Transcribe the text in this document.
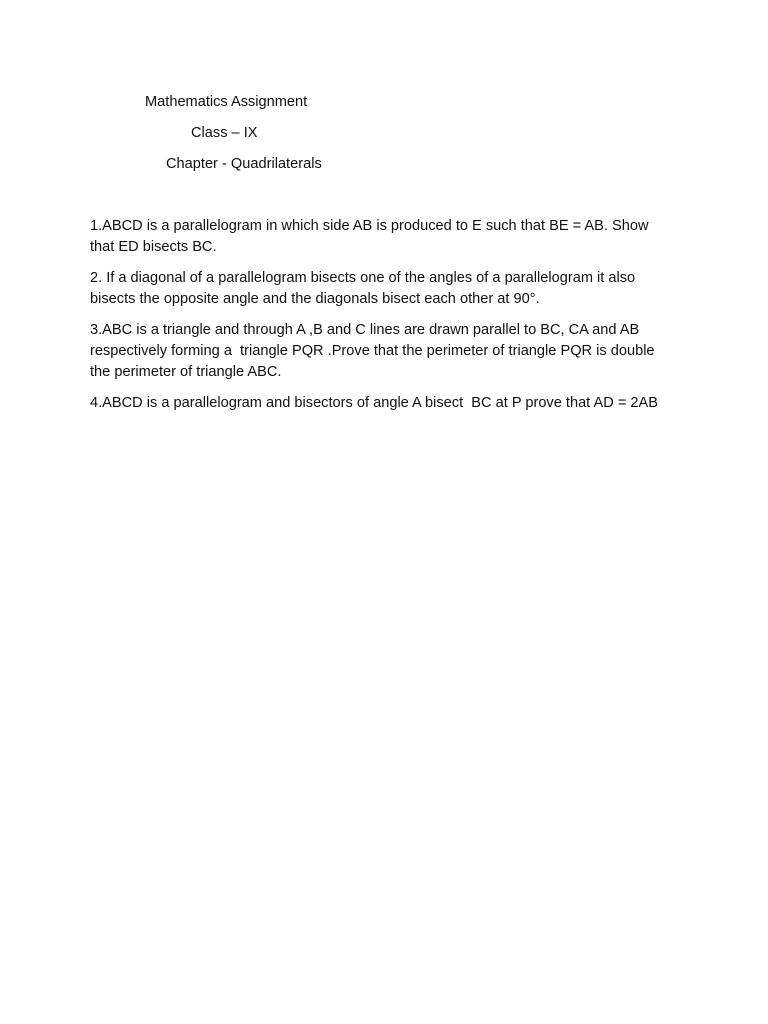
Mathematics Assignment
Class – IX
Chapter - Quadrilaterals
1.ABCD is a parallelogram in which side AB is produced to E such that BE = AB. Show
that ED bisects BC.
2. If a diagonal of a parallelogram bisects one of the angles of a parallelogram it also
bisects the opposite angle and the diagonals bisect each other at 90°.
3.ABC is a triangle and through A ,B and C lines are drawn parallel to BC, CA and AB
respectively forming a  triangle PQR .Prove that the perimeter of triangle PQR is double
the perimeter of triangle ABC.
4.ABCD is a parallelogram and bisectors of angle A bisect  BC at P prove that AD = 2AB
